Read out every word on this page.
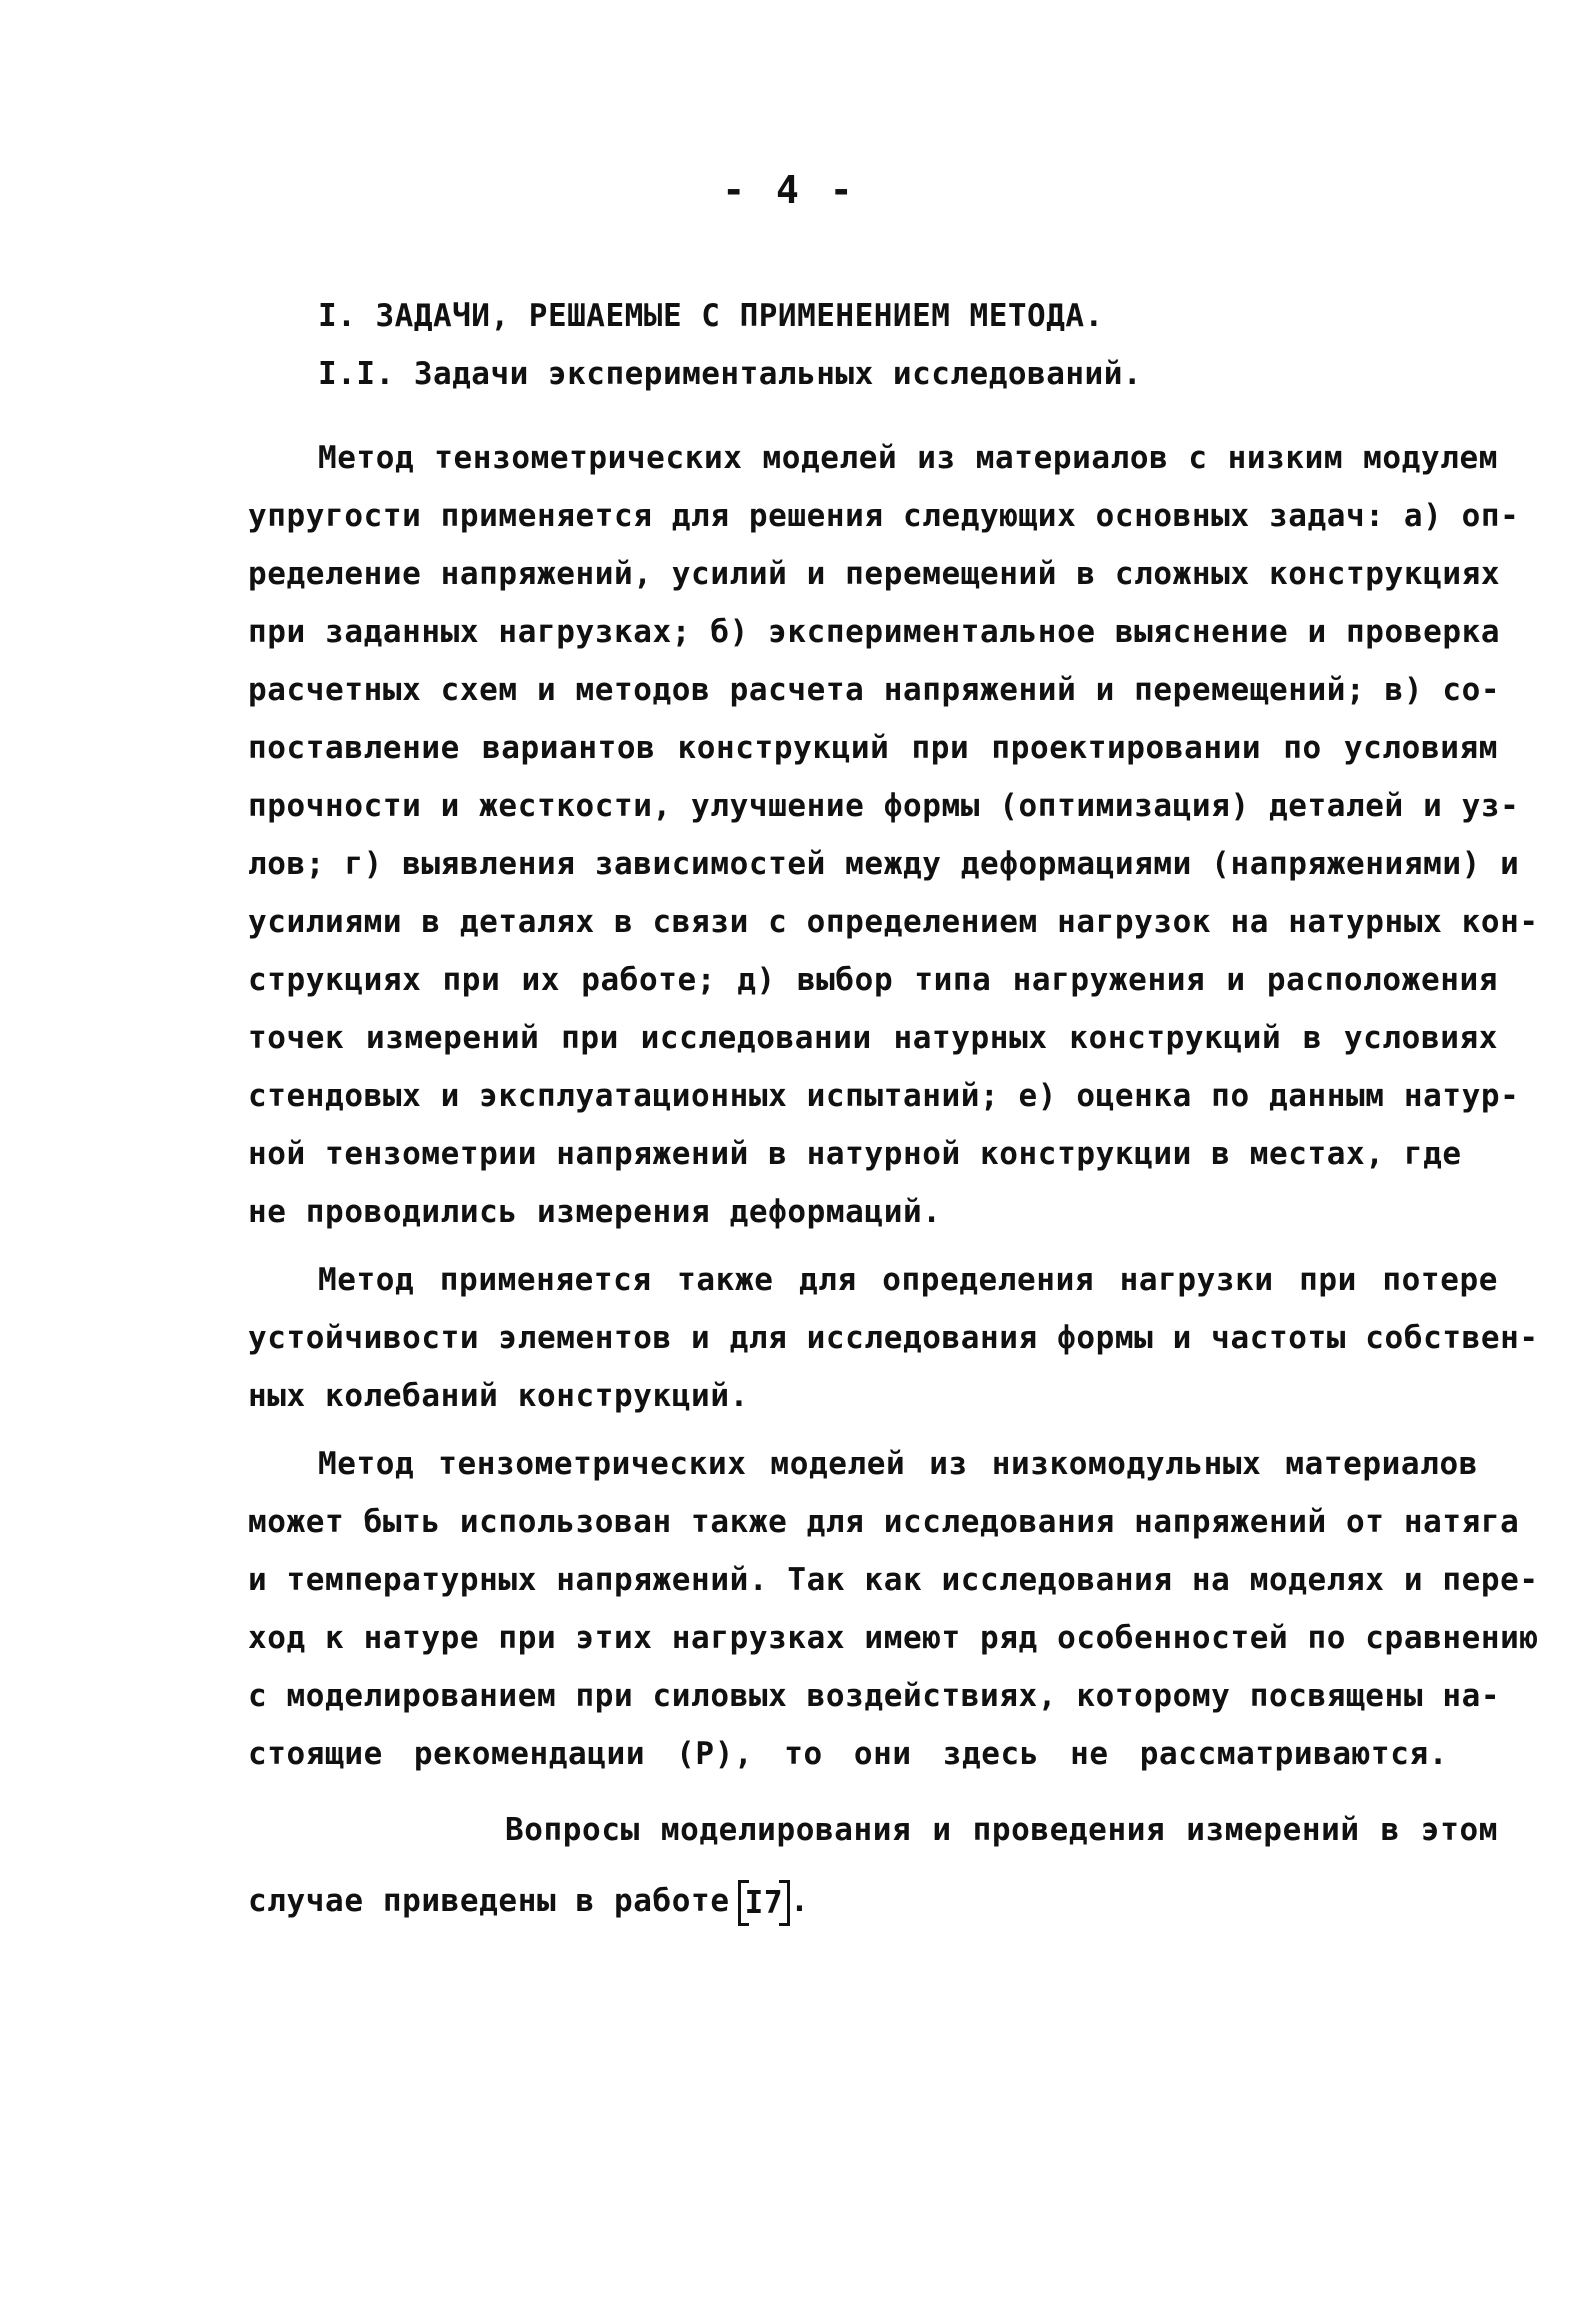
- 4 -
I. ЗАДАЧИ, РЕШАЕМЫЕ С ПРИМЕНЕНИЕМ МЕТОДА.
I.I. Задачи экспериментальных исследований.
Метод тензометрических моделей из материалов с низким модулем
упругости применяется для решения следующих основных задач: а) оп-
ределение напряжений, усилий и перемещений в сложных конструкциях
при заданных нагрузках; б) экспериментальное выяснение и проверка
расчетных схем и методов расчета напряжений и перемещений; в) со-
поставление вариантов конструкций при проектировании по условиям
прочности и жесткости, улучшение формы (оптимизация) деталей и уз-
лов; г) выявления зависимостей между деформациями (напряжениями) и
усилиями в деталях в связи с определением нагрузок на натурных кон-
струкциях при их работе; д) выбор типа нагружения и расположения
точек измерений при исследовании натурных конструкций в условиях
стендовых и эксплуатационных испытаний; е) оценка по данным натур-
ной тензометрии напряжений в натурной конструкции в местах, где
не проводились измерения деформаций.
Метод применяется также для определения нагрузки при потере
устойчивости элементов и для исследования формы и частоты собствен-
ных колебаний конструкций.
Метод тензометрических моделей из низкомодульных материалов
может быть использован также для исследования напряжений от натяга
и температурных напряжений. Так как исследования на моделях и пере-
ход к натуре при этих нагрузках имеют ряд особенностей по сравнению
с моделированием при силовых воздействиях, которому посвящены на-
стоящие рекомендации (Р), то они здесь не рассматриваются.
Вопросы моделирования и проведения измерений в этом
случае приведены в работе I7 .
